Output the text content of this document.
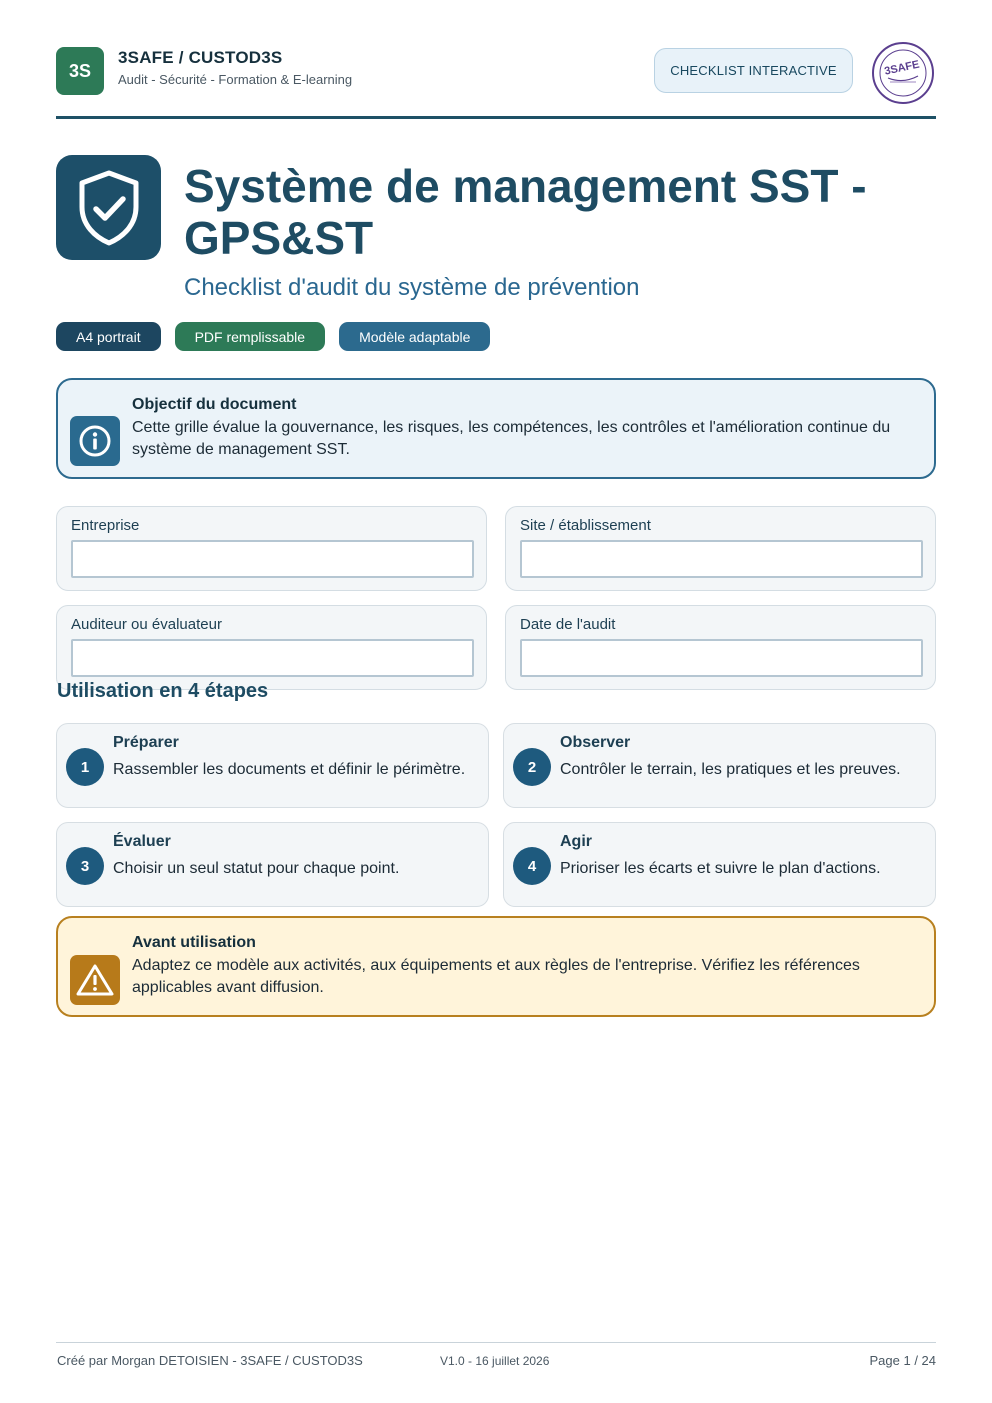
3S
3SAFE / CUSTOD3S
Audit - Sécurité - Formation & E-learning
CHECKLIST INTERACTIVE	3SAFE
Système de management SST - GPS&ST
Checklist d'audit du système de prévention
A4 portrait	PDF remplissable	Modèle adaptable
Objectif du document
Cette grille évalue la gouvernance, les risques, les compétences, les contrôles et l'amélioration continue du système de management SST.
Entreprise	Site / établissement
Auditeur ou évaluateur	Date de l'audit
Utilisation en 4 étapes
1
Préparer
Rassembler les documents et définir le périmètre.	2
Observer
Contrôler le terrain, les pratiques et les preuves.
3
Évaluer
Choisir un seul statut pour chaque point.	4
Agir
Prioriser les écarts et suivre le plan d'actions.
Avant utilisation
Adaptez ce modèle aux activités, aux équipements et aux règles de l'entreprise. Vérifiez les références applicables avant diffusion.
Créé par Morgan DETOISIEN - 3SAFE / CUSTOD3S	V1.0 - 16 juillet 2026	Page 1 / 24
